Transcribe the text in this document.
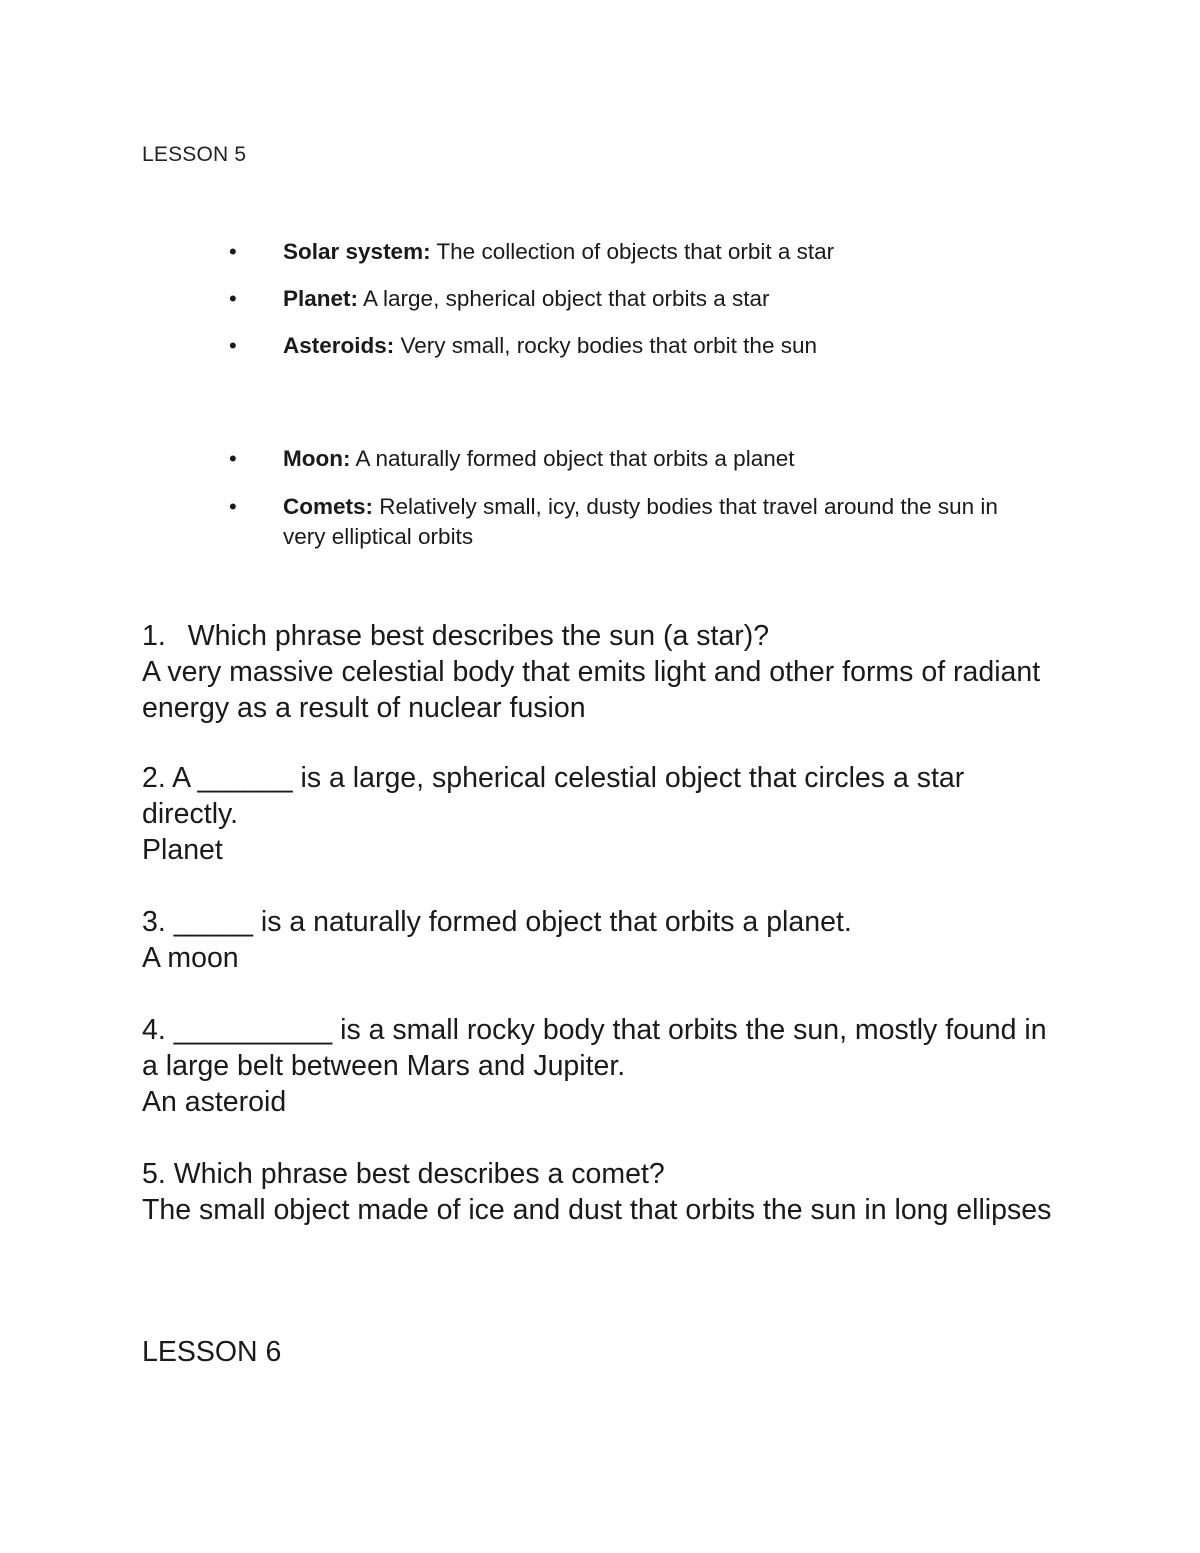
LESSON 5
• Solar system: The collection of objects that orbit a star
• Planet: A large, spherical object that orbits a star
• Asteroids: Very small, rocky bodies that orbit the sun
• Moon: A naturally formed object that orbits a planet
• Comets: Relatively small, icy, dusty bodies that travel around the sun in very elliptical orbits
1. Which phrase best describes the sun (a star)?
A very massive celestial body that emits light and other forms of radiant energy as a result of nuclear fusion
2. A ______ is a large, spherical celestial object that circles a star directly.
Planet
3. _____ is a naturally formed object that orbits a planet.
A moon
4. __________ is a small rocky body that orbits the sun, mostly found in a large belt between Mars and Jupiter.
An asteroid
5. Which phrase best describes a comet?
The small object made of ice and dust that orbits the sun in long ellipses
LESSON 6
